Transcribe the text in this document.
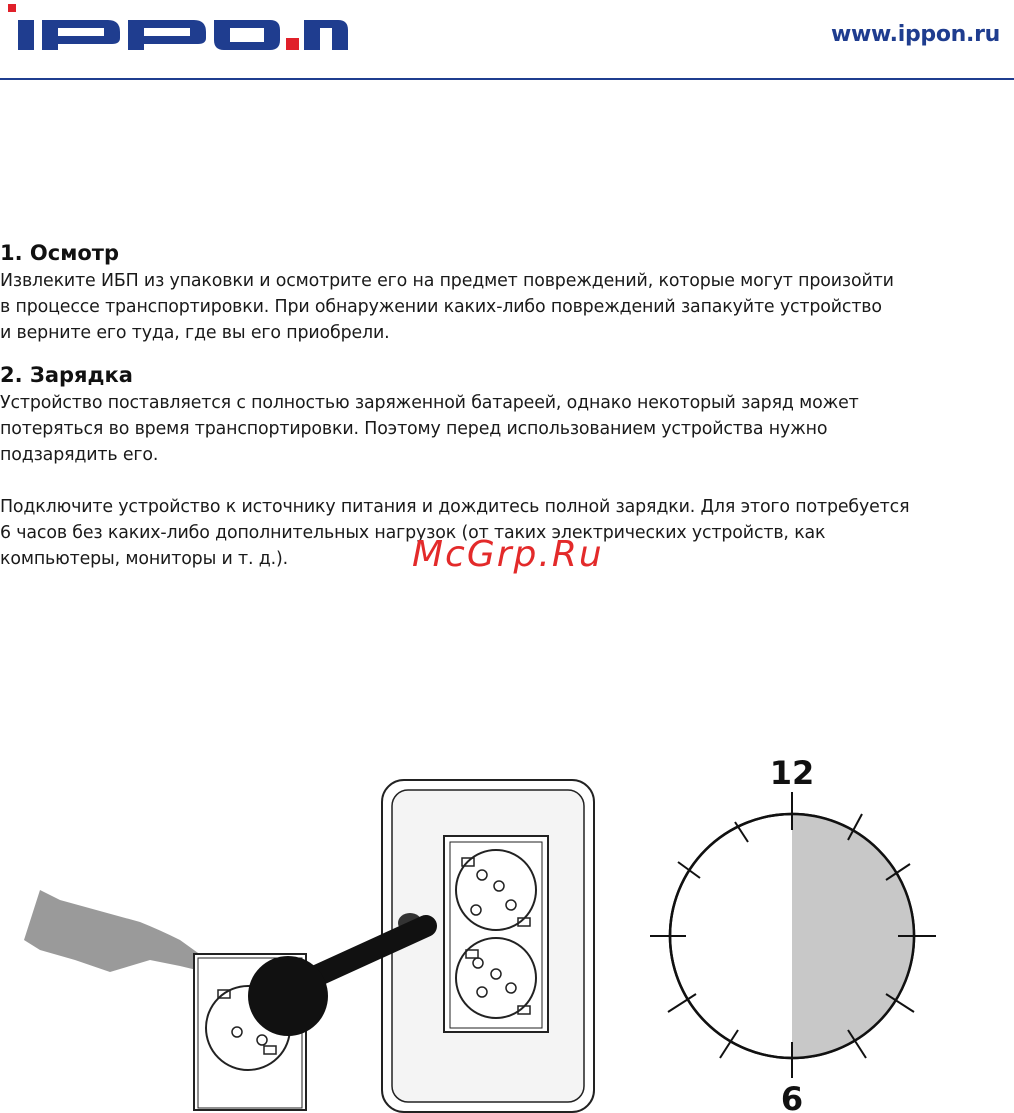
www.ippon.ru
1. Осмотр

Извлеките ИБП из упаковки и осмотрите его на предмет повреждений, которые могут произойти

в процессе транспортировки. При обнаружении каких-либо повреждений запакуйте устройство

и верните его туда, где вы его приобрели.

2. Зарядка

Устройство поставляется с полностью заряженной батареей, однако некоторый заряд может

потеряться во время транспортировки. Поэтому перед использованием устройства нужно

подзарядить его.

Подключите устройство к источнику питания и дождитесь полной зарядки. Для этого потребуется

6 часов без каких-либо дополнительных нагрузок (от таких электрических устройств, как

компьютеры, мониторы и т. д.).	McGrp.Ru
12
6
